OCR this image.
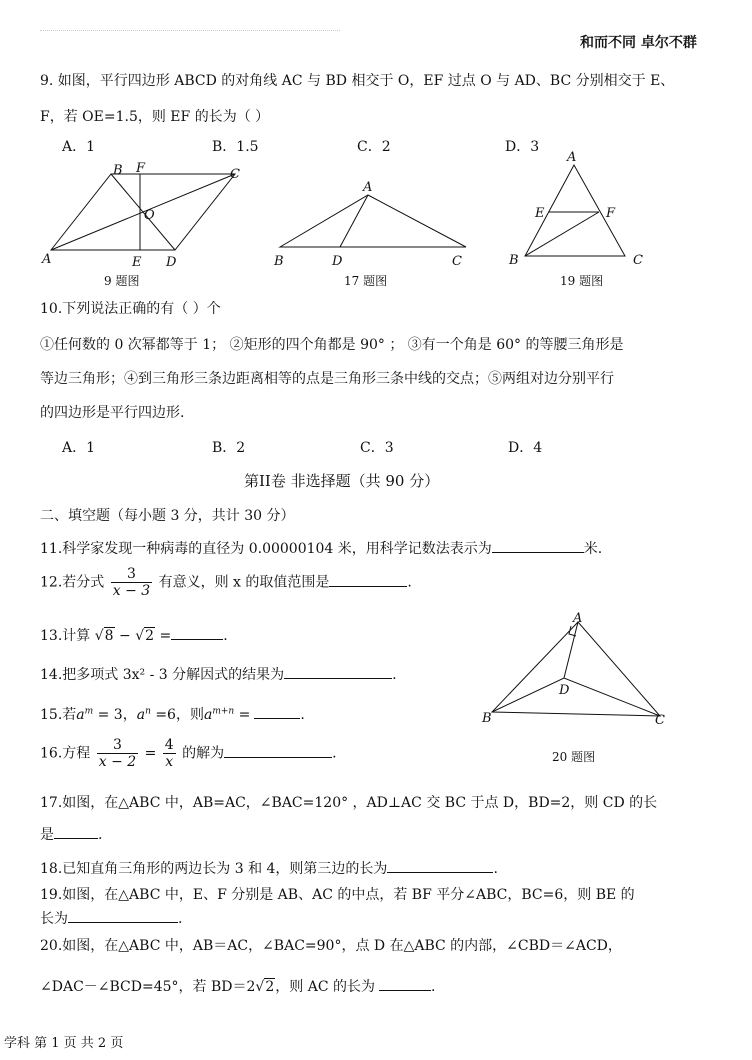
和而不同 卓尔不群
9. 如图，平行四边形 ABCD 的对角线 AC 与 BD 相交于 O，EF 过点 O 与 AD、BC 分别相交于 E、
F，若 OE=1.5，则 EF 的长为（ ）
A．1	B．1.5	C．2	D．3
A
B F	C
O
E D
9 题图
A
B	D	C
17 题图
A
E	F
B	C
19 题图
10.下列说法正确的有（ ）个
①任何数的 0 次幂都等于 1； ②矩形的四个角都是 90° ； ③有一个角是 60° 的等腰三角形是
等边三角形；④到三角形三条边距离相等的点是三角形三条中线的交点；⑤两组对边分别平行
的四边形是平行四边形.
A．1	B．2	C．3	D．4
第II卷 非选择题（共 90 分）
二、填空题（每小题 3 分，共计 30 分）
11.科学家发现一种病毒的直径为 0.00000104 米，用科学记数法表示为	米.
12.若分式 $\frac{3}{x - 3}$ 有意义，则 x 的取值范围是	.
13.计算 √8 − √2 =	.
14.把多项式 3x² - 3 分解因式的结果为	.
15.若$a^m = 3$，$a^n =6$，则$a^{m+n}$ =	.
A
D
B	C
20 题图
16.方程 $\frac{3}{x - 2} = \frac{4}{x}$ 的解为	.
17.如图，在△ABC 中，AB=AC，∠BAC=120° ，AD⊥AC 交 BC 于点 D，BD=2，则 CD 的长
是	.
18.已知直角三角形的两边长为 3 和 4，则第三边的长为	.
19.如图，在△ABC 中，E、F 分别是 AB、AC 的中点，若 BF 平分∠ABC，BC=6，则 BE 的
长为	.
20.如图，在△ABC 中，AB＝AC，∠BAC=90°，点 D 在△ABC 的内部，∠CBD＝∠ACD，
∠DAC－∠BCD=45°，若 BD＝2√2，则 AC 的长为	.
学科 第 1 页 共 2 页
